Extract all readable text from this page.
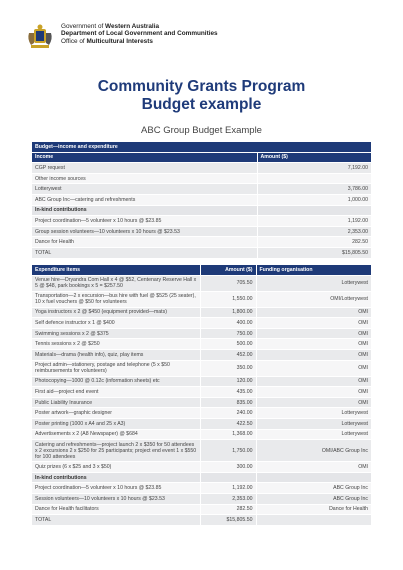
Government of Western Australia
Department of Local Government and Communities
Office of Multicultural Interests
Community Grants Program
Budget example
ABC Group Budget Example
Budget—income and expenditure	
Income	Amount ($)
CGP request	7,192.00
Other income sources	
Lotterywest	3,786.00
ABC Group Inc—catering and refreshments	1,000.00
In-kind contributions	
Project coordination—5 volunteer x 10 hours @ $23.85	1,192.00
Group session volunteers—10 volunteers x 10 hours @ $23.53	2,353.00
Dance for Health	282.50
TOTAL	$15,805.50
Expenditure items	Amount ($)	Funding organisation
Venue hire—Dryandra Com Hall x 4 @ $52, Centenary Reserve Hall x 5 @ $48, park bookings x 5 = $257.50	705.50	Lotterywest
Transportation—2 x excursion—bus hire with fuel @ $525 (25 seater), 10 x fuel vouchers @ $50 for volunteers	1,550.00	OMI/Lotterywest
Yoga instructors x 2 @ $450 (equipment provided—mats)	1,800.00	OMI
Self defence instructor x 1 @ $400	400.00	OMI
Swimming sessions x 2 @ $375	750.00	OMI
Tennis sessions x 2 @ $250	500.00	OMI
Materials—drama (health info), quiz, play items	452.00	OMI
Project admin—stationery, postage and telephone (5 x $50 reimbursements for volunteers)	350.00	OMI
Photocopying—1000 @ 0.12c (information sheets) etc	120.00	OMI
First aid—project end event	435.00	OMI
Public Liability Insurance	835.00	OMI
Poster artwork—graphic designer	240.00	Lotterywest
Poster printing (1000 x A4 and 25 x A3)	422.50	Lotterywest
Advertisements x 2 (A8 Newspaper) @ $684	1,368.00	Lotterywest
Catering and refreshments—project launch 2 x $350 for 50 attendees x 2 excursions 2 x $250 for 25 participants; project end event 1 x $550 for 100 attendees	1,750.00	OMI/ABC Group Inc
Quiz prizes (6 x $25 and 3 x $50)	300.00	OMI
In-kind contributions		
Project coordination—5 volunteer x 10 hours @ $23.85	1,192.00	ABC Group Inc
Session volunteers—10 volunteers x 10 hours @ $23.53	2,353.00	ABC Group Inc
Dance for Health facilitators	282.50	Dance for Health
TOTAL	$15,805.50	
